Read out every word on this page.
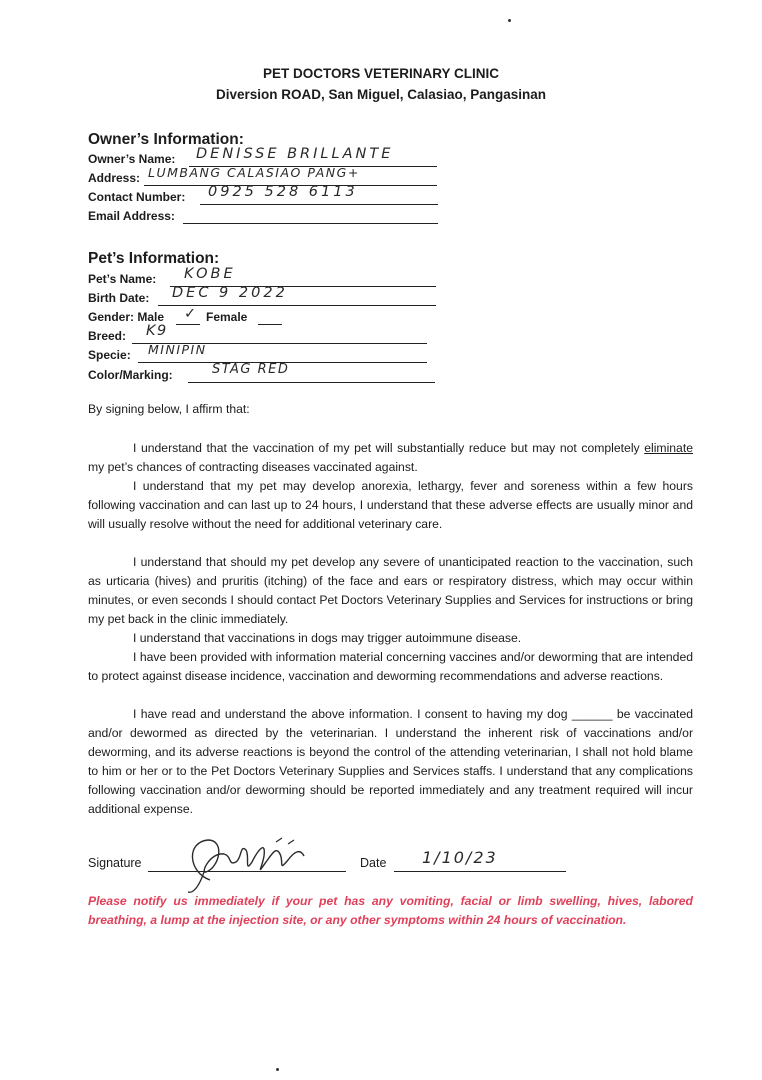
PET DOCTORS VETERINARY CLINIC
Diversion ROAD, San Miguel, Calasiao, Pangasinan
Owner’s Information:
Owner’s Name: DENISSE BRILLANTE
Address: LUMBANG CALASIAO PANG+
Contact Number: 0925 528 6113
Email Address:
Pet’s Information:
Pet’s Name: KOBE
Birth Date: DEC 9 2022
Gender: Male ✓ Female
Breed: K9
Specie: MINIPIN
Color/Marking:	STAG RED
By signing below, I affirm that:

I understand that the vaccination of my pet will substantially reduce but may not completely eliminate my pet’s chances of contracting diseases vaccinated against.

I understand that my pet may develop anorexia, lethargy, fever and soreness within a few hours following vaccination and can last up to 24 hours, I understand that these adverse effects are usually minor and will usually resolve without the need for additional veterinary care.

I understand that should my pet develop any severe of unanticipated reaction to the vaccination, such as urticaria (hives) and pruritis (itching) of the face and ears or respiratory distress, which may occur within minutes, or even seconds I should contact Pet Doctors Veterinary Supplies and Services for instructions or bring my pet back in the clinic immediately.

I understand that vaccinations in dogs may trigger autoimmune disease.

I have been provided with information material concerning vaccines and/or deworming that are intended to protect against disease incidence, vaccination and deworming recommendations and adverse reactions.

I have read and understand the above information. I consent to having my dog ______ be vaccinated and/or dewormed as directed by the veterinarian. I understand the inherent risk of vaccinations and/or deworming, and its adverse reactions is beyond the control of the attending veterinarian, I shall not hold blame to him or her or to the Pet Doctors Veterinary Supplies and Services staffs. I understand that any complications following vaccination and/or deworming should be reported immediately and any treatment required will incur additional expense.

Signature	Date 1/10/23

Please notify us immediately if your pet has any vomiting, facial or limb swelling, hives, labored breathing, a lump at the injection site, or any other symptoms within 24 hours of vaccination.
